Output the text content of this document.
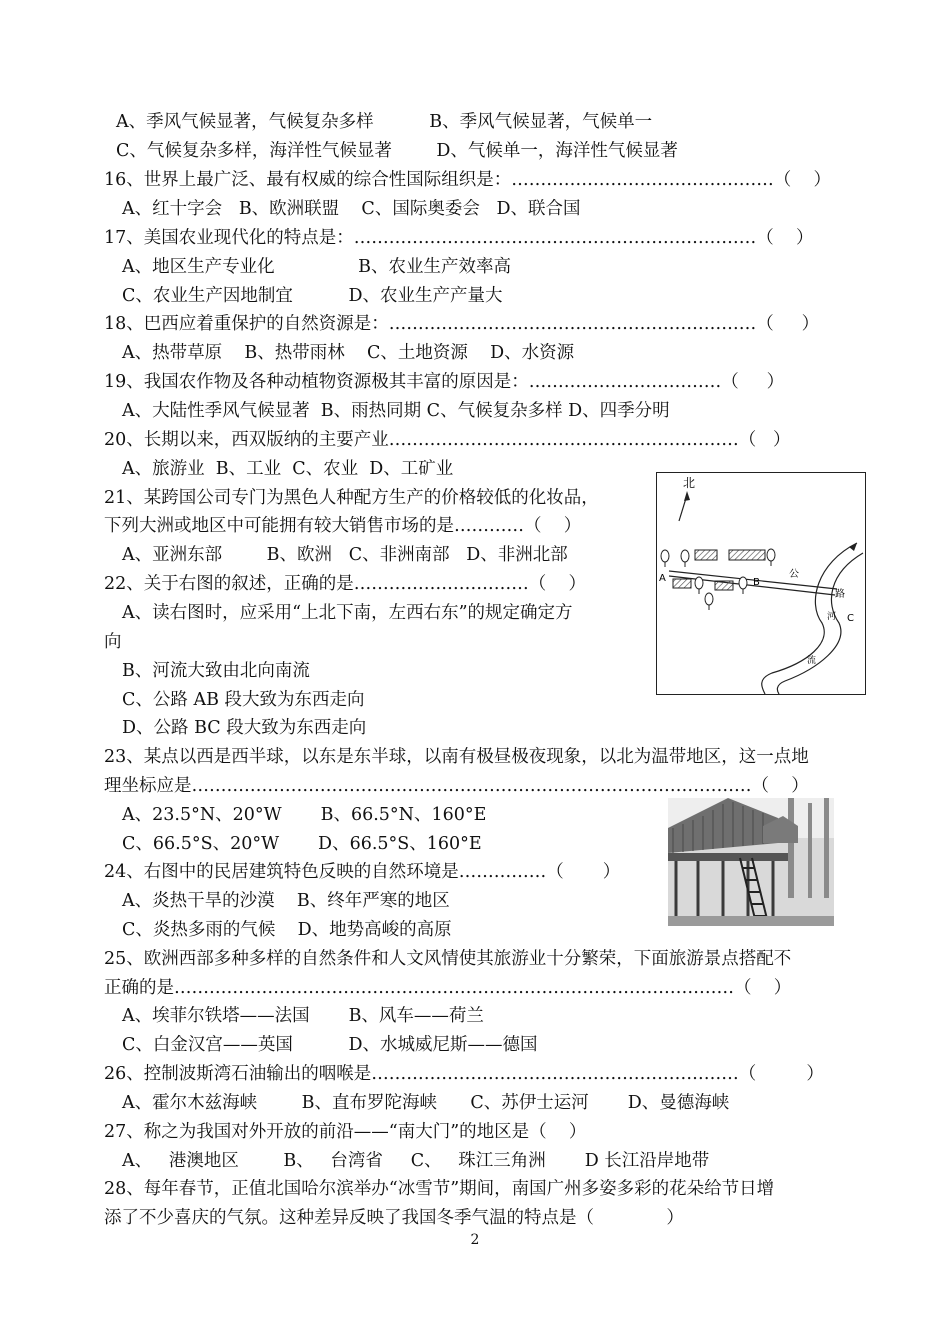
A、季风气候显著，气候复杂多样          B、季风气候显著，气候单一
C、气候复杂多样，海洋性气候显著        D、气候单一，海洋性气候显著
16、世界上最广泛、最有权威的综合性国际组织是：………………………………………（    ）
A、红十字会   B、欧洲联盟    C、国际奥委会   D、联合国
17、美国农业现代化的特点是：……………………………………………………………（    ）
A、地区生产专业化               B、农业生产效率高
C、农业生产因地制宜          D、农业生产产量大
18、巴西应着重保护的自然资源是：………………………………………………………（     ）
A、热带草原    B、热带雨林    C、土地资源    D、水资源
19、我国农作物及各种动植物资源极其丰富的原因是：……………………………（     ）
A、大陆性季风气候显著  B、雨热同期 C、气候复杂多样 D、四季分明
20、长期以来，西双版纳的主要产业……………………………………………………（   ）
A、旅游业  B、工业  C、农业  D、工矿业
21、某跨国公司专门为黑色人种配方生产的价格较低的化妆品，
下列大洲或地区中可能拥有较大销售市场的是…………（    ）
A、亚洲东部        B、欧洲   C、非洲南部   D、非洲北部
22、关于右图的叙述，正确的是…………………………（    ）
A、读右图时，应采用“上北下南，左西右东”的规定确定方
向
B、河流大致由北向南流
C、公路 AB 段大致为东西走向
D、公路 BC 段大致为东西走向
23、某点以西是西半球，以东是东半球，以南有极昼极夜现象，以北为温带地区，这一点地
理坐标应是……………………………………………………………………………………（    ）
A、23.5°N、20°W       B、66.5°N、160°E
C、66.5°S、20°W       D、66.5°S、160°E
24、右图中的民居建筑特色反映的自然环境是……………（       ）
A、炎热干旱的沙漠    B、终年严寒的地区
C、炎热多雨的气候    D、地势高峻的高原
25、欧洲西部多种多样的自然条件和人文风情使其旅游业十分繁荣，下面旅游景点搭配不
正确的是……………………………………………………………………………………（    ）
A、埃菲尔铁塔——法国       B、风车——荷兰
C、白金汉宫——英国          D、水城威尼斯——德国
26、控制波斯湾石油输出的咽喉是………………………………………………………（         ）
A、霍尔木兹海峡        B、直布罗陀海峡      C、苏伊士运河       D、曼德海峡
27、称之为我国对外开放的前沿——“南大门”的地区是（    ）
A、   港澳地区        B、   台湾省     C、   珠江三角洲       D 长江沿岸地带
28、每年春节，正值北国哈尔滨举办“冰雪节”期间，南国广州多姿多彩的花朵给节日增
添了不少喜庆的气氛。这种差异反映了我国冬季气温的特点是（             ）
北
A	B
C
公
路
河
流
2
